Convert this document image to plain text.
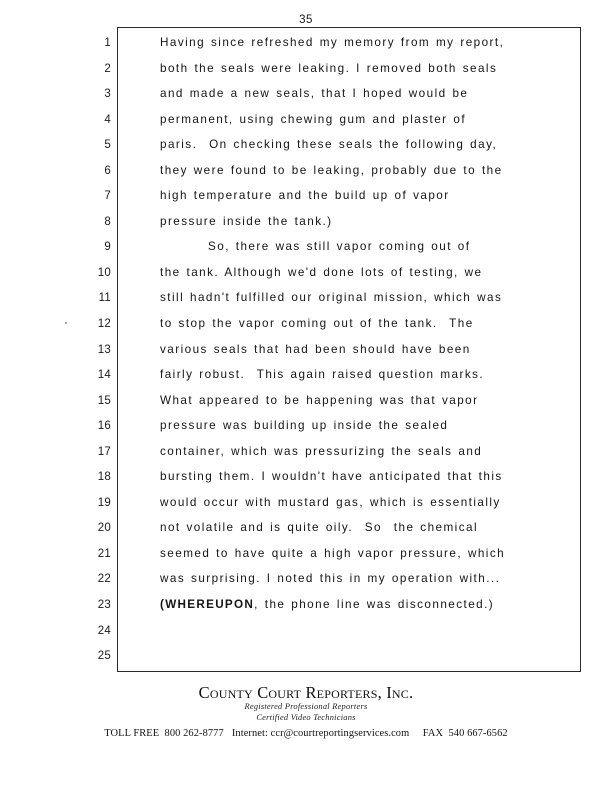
35
1	Having since refreshed my memory from my report,
2	both the seals were leaking. I removed both seals
3	and made a new seals, that I hoped would be
4	permanent, using chewing gum and plaster of
5	paris.  On checking these seals the following day,
6	they were found to be leaking, probably due to the
7	high temperature and the build up of vapor
8	pressure inside the tank.)
9	So, there was still vapor coming out of
10	the tank. Although we'd done lots of testing, we
11	still hadn't fulfilled our original mission, which was
12	to stop the vapor coming out of the tank.  The
13	various seals that had been should have been
14	fairly robust.  This again raised question marks.
15	What appeared to be happening was that vapor
16	pressure was building up inside the sealed
17	container, which was pressurizing the seals and
18	bursting them. I wouldn't have anticipated that this
19	would occur with mustard gas, which is essentially
20	not volatile and is quite oily.  So  the chemical
21	seemed to have quite a high vapor pressure, which
22	was surprising. I noted this in my operation with...
23	(WHEREUPON, the phone line was disconnected.)
24
25
County Court Reporters, Inc.
Registered Professional Reporters
Certified Video Technicians
TOLL FREE  800 262-8777   Internet: ccr@courtreportingservices.com     FAX  540 667-6562
